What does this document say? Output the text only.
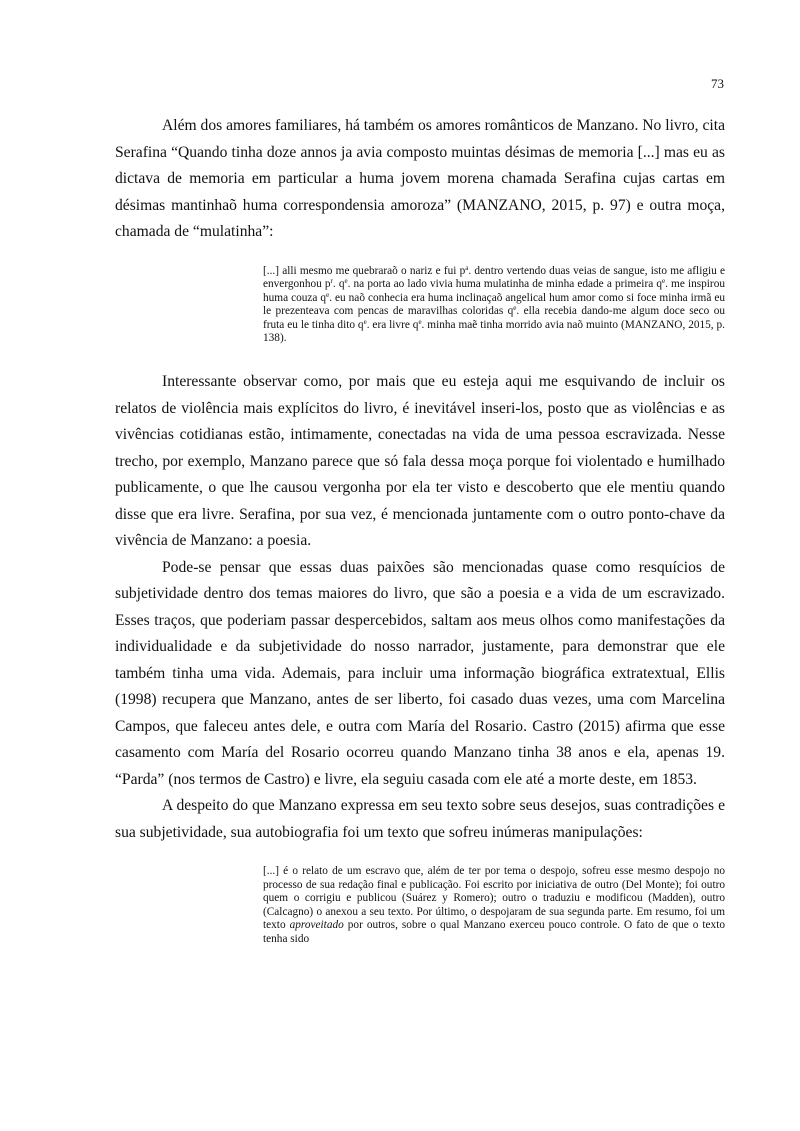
73

Além dos amores familiares, há também os amores românticos de Manzano. No livro, cita Serafina “Quando tinha doze annos ja avia composto muintas désimas de memoria [...] mas eu as dictava de memoria em particular a huma jovem morena chamada Serafina cujas cartas em désimas mantinhaõ huma correspondensia amoroza” (MANZANO, 2015, p. 97) e outra moça, chamada de “mulatinha”:

[...] alli mesmo me quebraraõ o nariz e fui $p^a$. dentro vertendo duas veias de sangue, isto me afligiu e envergonhou $p^r$. $q^e$. na porta ao lado vivia huma mulatinha de minha edade a primeira $q^e$. me inspirou huma couza $q^e$. eu naõ conhecia era huma inclinaçaõ angelical hum amor como si foce minha irmã eu le prezenteava com pencas de maravilhas coloridas $q^e$. ella recebia dando-me algum doce seco ou fruta eu le tinha dito $q^e$. era livre $q^e$. minha maẽ tinha morrido avia naõ muinto (MANZANO, 2015, p. 138).

Interessante observar como, por mais que eu esteja aqui me esquivando de incluir os relatos de violência mais explícitos do livro, é inevitável inseri-los, posto que as violências e as vivências cotidianas estão, intimamente, conectadas na vida de uma pessoa escravizada. Nesse trecho, por exemplo, Manzano parece que só fala dessa moça porque foi violentado e humilhado publicamente, o que lhe causou vergonha por ela ter visto e descoberto que ele mentiu quando disse que era livre. Serafina, por sua vez, é mencionada juntamente com o outro ponto-chave da vivência de Manzano: a poesia.

Pode-se pensar que essas duas paixões são mencionadas quase como resquícios de subjetividade dentro dos temas maiores do livro, que são a poesia e a vida de um escravizado. Esses traços, que poderiam passar despercebidos, saltam aos meus olhos como manifestações da individualidade e da subjetividade do nosso narrador, justamente, para demonstrar que ele também tinha uma vida. Ademais, para incluir uma informação biográfica extratextual, Ellis (1998) recupera que Manzano, antes de ser liberto, foi casado duas vezes, uma com Marcelina Campos, que faleceu antes dele, e outra com María del Rosario. Castro (2015) afirma que esse casamento com María del Rosario ocorreu quando Manzano tinha 38 anos e ela, apenas 19. “Parda” (nos termos de Castro) e livre, ela seguiu casada com ele até a morte deste, em 1853.

A despeito do que Manzano expressa em seu texto sobre seus desejos, suas contradições e sua subjetividade, sua autobiografia foi um texto que sofreu inúmeras manipulações:

[...] é o relato de um escravo que, além de ter por tema o despojo, sofreu esse mesmo despojo no processo de sua redação final e publicação. Foi escrito por iniciativa de outro (Del Monte); foi outro quem o corrigiu e publicou (Suárez y Romero); outro o traduziu e modificou (Madden), outro (Calcagno) o anexou a seu texto. Por último, o despojaram de sua segunda parte. Em resumo, foi um texto aproveitado por outros, sobre o qual Manzano exerceu pouco controle. O fato de que o texto tenha sido
